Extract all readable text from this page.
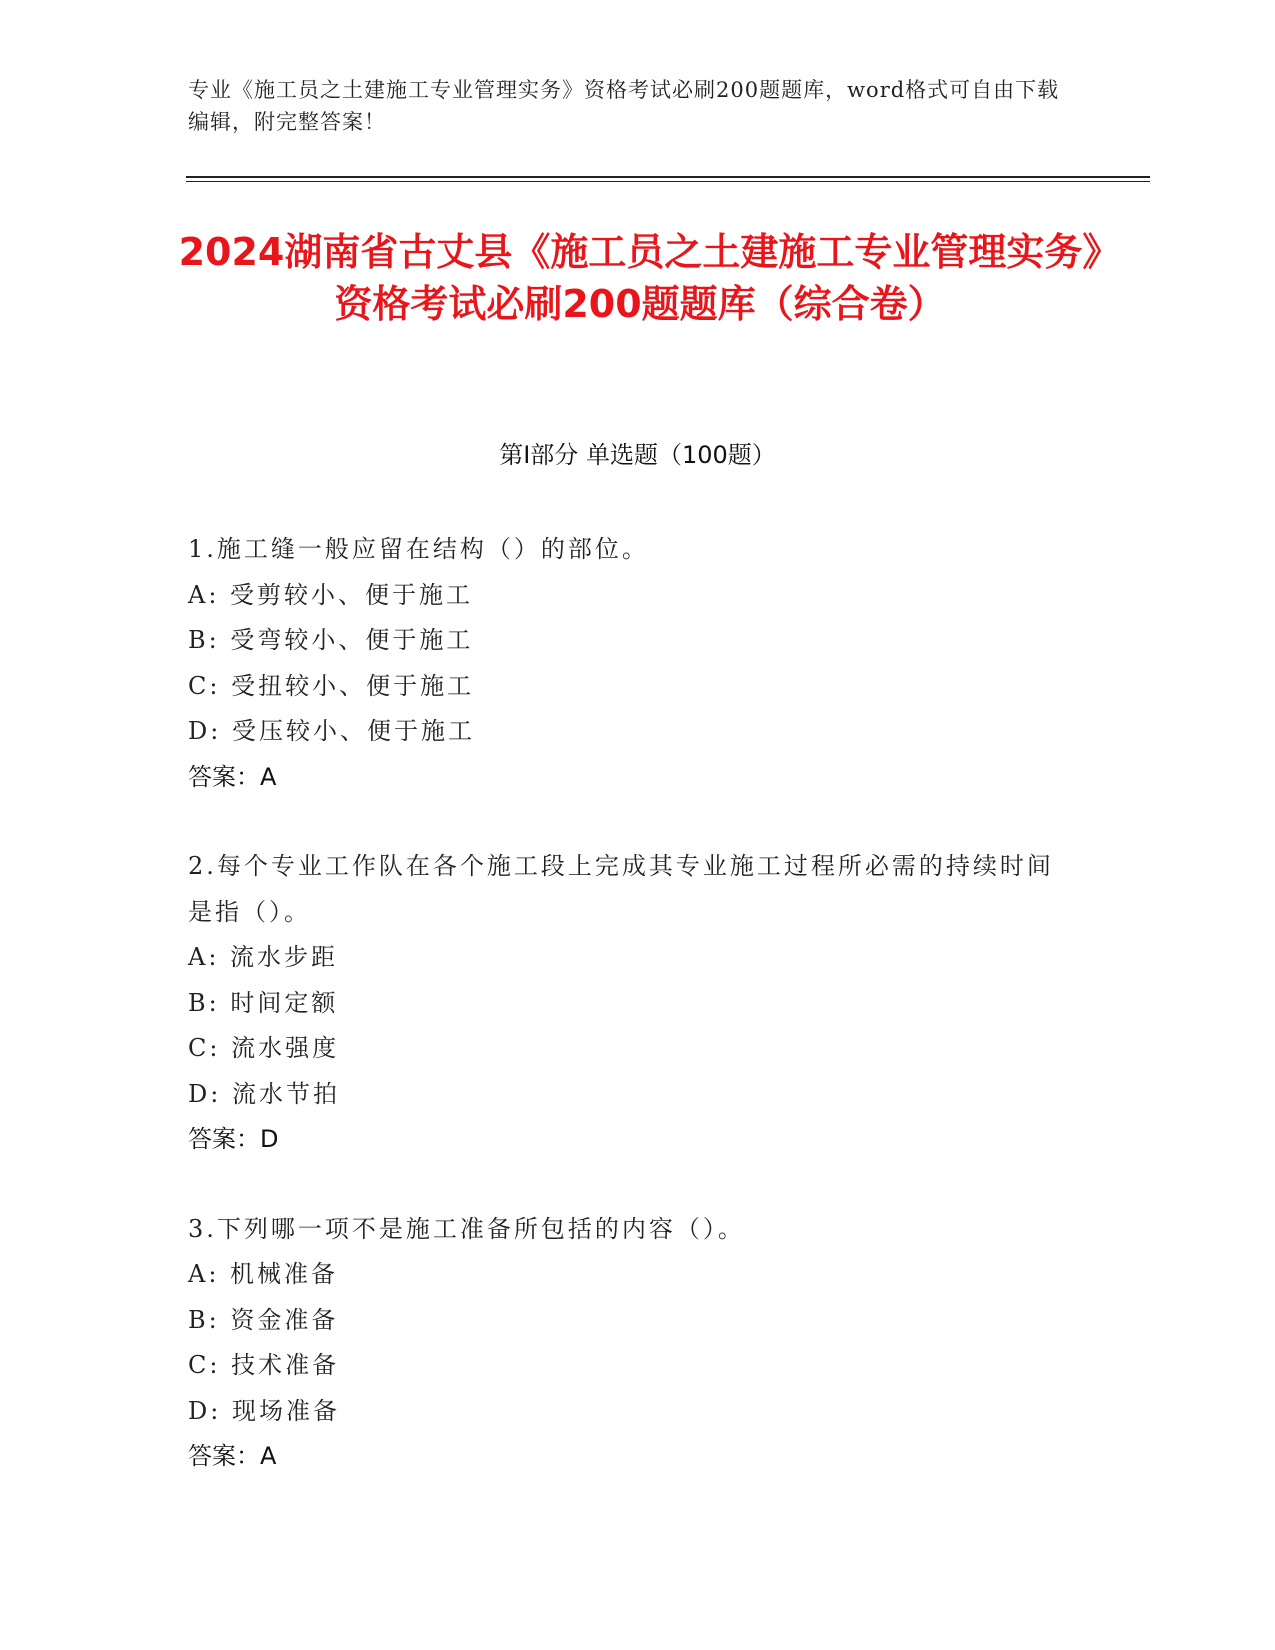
专业《施工员之土建施工专业管理实务》资格考试必刷200题题库，word格式可自由下载编辑，附完整答案！
2024湖南省古丈县《施工员之土建施工专业管理实务》资格考试必刷200题题库（综合卷）
第I部分 单选题（100题）

1.施工缝一般应留在结构（）的部位。

A: 受剪较小、便于施工

B: 受弯较小、便于施工

C: 受扭较小、便于施工

D: 受压较小、便于施工

答案：A

2.每个专业工作队在各个施工段上完成其专业施工过程所必需的持续时间是指（）。

A: 流水步距

B: 时间定额

C: 流水强度

D: 流水节拍

答案：D

3.下列哪一项不是施工准备所包括的内容（）。

A: 机械准备

B: 资金准备

C: 技术准备

D: 现场准备

答案：A
